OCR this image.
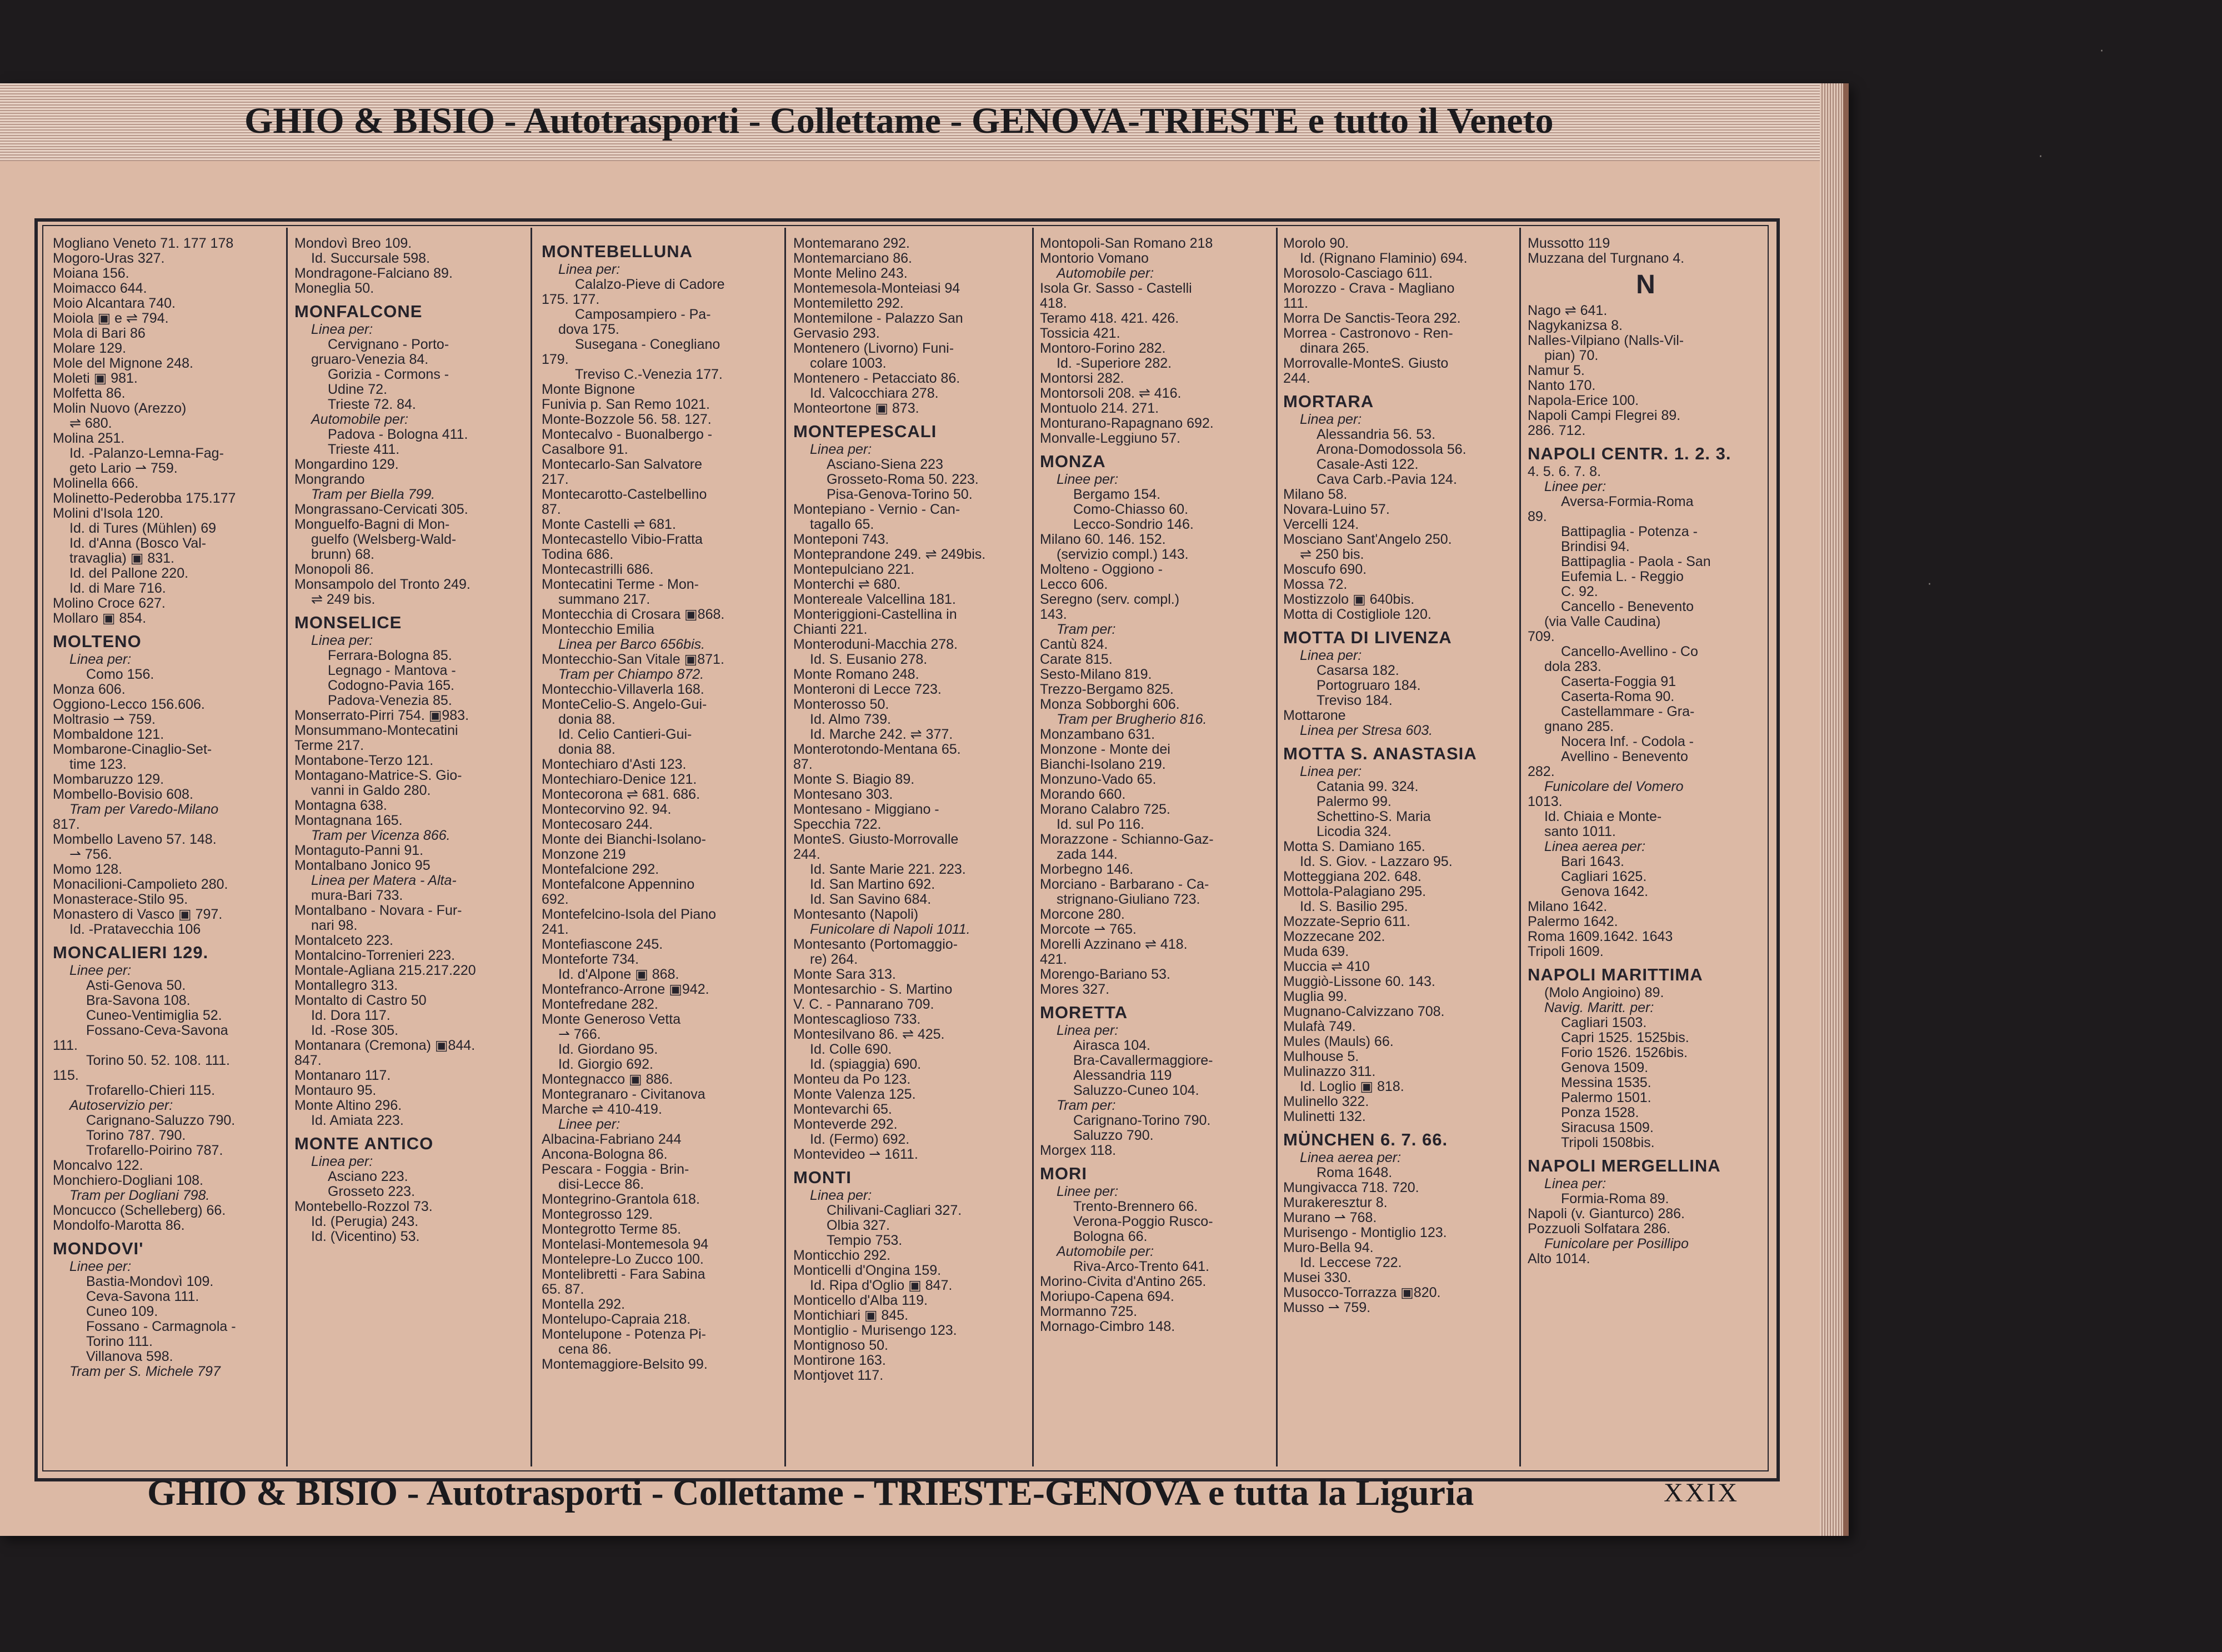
·
·
·
GHIO & BISIO - Autotrasporti - Collettame - GENOVA-TRIESTE e tutto il Veneto
Mogliano Veneto 71. 177 178
Mogoro-Uras 327.
Moiana 156.
Moimacco 644.
Moio Alcantara 740.
Moiola ▣ e ⇌ 794.
Mola di Bari 86
Molare 129.
Mole del Mignone 248.
Moleti ▣ 981.
Molfetta 86.
Molin Nuovo (Arezzo)
⇌ 680.
Molina 251.
Id. -Palanzo-Lemna-Fag-
geto Lario ⇀ 759.
Molinella 666.
Molinetto-Pederobba 175.177
Molini d'Isola 120.
Id. di Tures (Mühlen) 69
Id. d'Anna (Bosco Val-
travaglia) ▣ 831.
Id. del Pallone 220.
Id. di Mare 716.
Molino Croce 627.
Mollaro ▣ 854.
MOLTENO
Linea per:
Como 156.
Monza 606.
Oggiono-Lecco 156.606.
Moltrasio ⇀ 759.
Mombaldone 121.
Mombarone-Cinaglio-Set-
time 123.
Mombaruzzo 129.
Mombello-Bovisio 608.
Tram per Varedo-Milano
817.
Mombello Laveno 57. 148.
⇀ 756.
Momo 128.
Monacilioni-Campolieto 280.
Monasterace-Stilo 95.
Monastero di Vasco ▣ 797.
Id. -Pratavecchia 106
MONCALIERI 129.
Linee per:
Asti-Genova 50.
Bra-Savona 108.
Cuneo-Ventimiglia 52.
Fossano-Ceva-Savona
111.
Torino 50. 52. 108. 111.
115.
Trofarello-Chieri 115.
Autoservizio per:
Carignano-Saluzzo 790.
Torino 787. 790.
Trofarello-Poirino 787.
Moncalvo 122.
Monchiero-Dogliani 108.
Tram per Dogliani 798.
Moncucco (Schelleberg) 66.
Mondolfo-Marotta 86.
MONDOVI'
Linee per:
Bastia-Mondovì 109.
Ceva-Savona 111.
Cuneo 109.
Fossano - Carmagnola -
Torino 111.
Villanova 598.
Tram per S. Michele 797
Mondovì Breo 109.
Id. Succursale 598.
Mondragone-Falciano 89.
Moneglia 50.
MONFALCONE
Linea per:
Cervignano - Porto-
gruaro-Venezia 84.
Gorizia - Cormons -
Udine 72.
Trieste 72. 84.
Automobile per:
Padova - Bologna 411.
Trieste 411.
Mongardino 129.
Mongrando
Tram per Biella 799.
Mongrassano-Cervicati 305.
Monguelfo-Bagni di Mon-
guelfo (Welsberg-Wald-
brunn) 68.
Monopoli 86.
Monsampolo del Tronto 249.
⇌ 249 bis.
MONSELICE
Linea per:
Ferrara-Bologna 85.
Legnago - Mantova -
Codogno-Pavia 165.
Padova-Venezia 85.
Monserrato-Pirri 754. ▣983.
Monsummano-Montecatini
Terme 217.
Montabone-Terzo 121.
Montagano-Matrice-S. Gio-
vanni in Galdo 280.
Montagna 638.
Montagnana 165.
Tram per Vicenza 866.
Montaguto-Panni 91.
Montalbano Jonico 95
Linea per Matera - Alta-
mura-Bari 733.
Montalbano - Novara - Fur-
nari 98.
Montalceto 223.
Montalcino-Torrenieri 223.
Montale-Agliana 215.217.220
Montallegro 313.
Montalto di Castro 50
Id. Dora 117.
Id. -Rose 305.
Montanara (Cremona) ▣844.
847.
Montanaro 117.
Montauro 95.
Monte Altino 296.
Id. Amiata 223.
MONTE ANTICO
Linea per:
Asciano 223.
Grosseto 223.
Montebello-Rozzol 73.
Id. (Perugia) 243.
Id. (Vicentino) 53.
MONTEBELLUNA
Linea per:
Calalzo-Pieve di Cadore
175. 177.
Camposampiero - Pa-
dova 175.
Susegana - Conegliano
179.
Treviso C.-Venezia 177.
Monte Bignone
Funivia p. San Remo 1021.
Monte-Bozzole 56. 58. 127.
Montecalvo - Buonalbergo -
Casalbore 91.
Montecarlo-San Salvatore
217.
Montecarotto-Castelbellino
87.
Monte Castelli ⇌ 681.
Montecastello Vibio-Fratta
Todina 686.
Montecastrilli 686.
Montecatini Terme - Mon-
summano 217.
Montecchia di Crosara ▣868.
Montecchio Emilia
Linea per Barco 656bis.
Montecchio-San Vitale ▣871.
Tram per Chiampo 872.
Montecchio-Villaverla 168.
MonteCelio-S. Angelo-Gui-
donia 88.
Id. Celio Cantieri-Gui-
donia 88.
Montechiaro d'Asti 123.
Montechiaro-Denice 121.
Montecorona ⇌ 681. 686.
Montecorvino 92. 94.
Montecosaro 244.
Monte dei Bianchi-Isolano-
Monzone 219
Montefalcione 292.
Montefalcone Appennino
692.
Montefelcino-Isola del Piano
241.
Montefiascone 245.
Monteforte 734.
Id. d'Alpone ▣ 868.
Montefranco-Arrone ▣942.
Montefredane 282.
Monte Generoso Vetta
⇀ 766.
Id. Giordano 95.
Id. Giorgio 692.
Montegnacco ▣ 886.
Montegranaro - Civitanova
Marche ⇌ 410-419.
Linee per:
Albacina-Fabriano 244
Ancona-Bologna 86.
Pescara - Foggia - Brin-
disi-Lecce 86.
Montegrino-Grantola 618.
Montegrosso 129.
Montegrotto Terme 85.
Montelasi-Montemesola 94
Montelepre-Lo Zucco 100.
Montelibretti - Fara Sabina
65. 87.
Montella 292.
Montelupo-Capraia 218.
Montelupone - Potenza Pi-
cena 86.
Montemaggiore-Belsito 99.
Montemarano 292.
Montemarciano 86.
Monte Melino 243.
Montemesola-Monteiasi 94
Montemiletto 292.
Montemilone - Palazzo San
Gervasio 293.
Montenero (Livorno) Funi-
colare 1003.
Montenero - Petacciato 86.
Id. Valcocchiara 278.
Monteortone ▣ 873.
MONTEPESCALI
Linea per:
Asciano-Siena 223
Grosseto-Roma 50. 223.
Pisa-Genova-Torino 50.
Montepiano - Vernio - Can-
tagallo 65.
Monteponi 743.
Monteprandone 249. ⇌ 249bis.
Montepulciano 221.
Monterchi ⇌ 680.
Montereale Valcellina 181.
Monteriggioni-Castellina in
Chianti 221.
Monteroduni-Macchia 278.
Id. S. Eusanio 278.
Monte Romano 248.
Monteroni di Lecce 723.
Monterosso 50.
Id. Almo 739.
Id. Marche 242. ⇌ 377.
Monterotondo-Mentana 65.
87.
Monte S. Biagio 89.
Montesano 303.
Montesano - Miggiano -
Specchia 722.
MonteS. Giusto-Morrovalle
244.
Id. Sante Marie 221. 223.
Id. San Martino 692.
Id. San Savino 684.
Montesanto (Napoli)
Funicolare di Napoli 1011.
Montesanto (Portomaggio-
re) 264.
Monte Sara 313.
Montesarchio - S. Martino
V. C. - Pannarano 709.
Montescaglioso 733.
Montesilvano 86. ⇌ 425.
Id. Colle 690.
Id. (spiaggia) 690.
Monteu da Po 123.
Monte Valenza 125.
Montevarchi 65.
Monteverde 292.
Id. (Fermo) 692.
Montevideo ⇀ 1611.
MONTI
Linea per:
Chilivani-Cagliari 327.
Olbia 327.
Tempio 753.
Monticchio 292.
Monticelli d'Ongina 159.
Id. Ripa d'Oglio ▣ 847.
Monticello d'Alba 119.
Montichiari ▣ 845.
Montiglio - Murisengo 123.
Montignoso 50.
Montirone 163.
Montjovet 117.
Montopoli-San Romano 218
Montorio Vomano
Automobile per:
Isola Gr. Sasso - Castelli
418.
Teramo 418. 421. 426.
Tossicia 421.
Montoro-Forino 282.
Id. -Superiore 282.
Montorsi 282.
Montorsoli 208. ⇌ 416.
Montuolo 214. 271.
Monturano-Rapagnano 692.
Monvalle-Leggiuno 57.
MONZA
Linee per:
Bergamo 154.
Como-Chiasso 60.
Lecco-Sondrio 146.
Milano 60. 146. 152.
(servizio compl.) 143.
Molteno - Oggiono -
Lecco 606.
Seregno (serv. compl.)
143.
Tram per:
Cantù 824.
Carate 815.
Sesto-Milano 819.
Trezzo-Bergamo 825.
Monza Sobborghi 606.
Tram per Brugherio 816.
Monzambano 631.
Monzone - Monte dei
Bianchi-Isolano 219.
Monzuno-Vado 65.
Morando 660.
Morano Calabro 725.
Id. sul Po 116.
Morazzone - Schianno-Gaz-
zada 144.
Morbegno 146.
Morciano - Barbarano - Ca-
strignano-Giuliano 723.
Morcone 280.
Morcote ⇀ 765.
Morelli Azzinano ⇌ 418.
421.
Morengo-Bariano 53.
Mores 327.
MORETTA
Linea per:
Airasca 104.
Bra-Cavallermaggiore-
Alessandria 119
Saluzzo-Cuneo 104.
Tram per:
Carignano-Torino 790.
Saluzzo 790.
Morgex 118.
MORI
Linee per:
Trento-Brennero 66.
Verona-Poggio Rusco-
Bologna 66.
Automobile per:
Riva-Arco-Trento 641.
Morino-Civita d'Antino 265.
Moriupo-Capena 694.
Mormanno 725.
Mornago-Cimbro 148.
Morolo 90.
Id. (Rignano Flaminio) 694.
Morosolo-Casciago 611.
Morozzo - Crava - Magliano
111.
Morra De Sanctis-Teora 292.
Morrea - Castronovo - Ren-
dinara 265.
Morrovalle-MonteS. Giusto
244.
MORTARA
Linea per:
Alessandria 56. 53.
Arona-Domodossola 56.
Casale-Asti 122.
Cava Carb.-Pavia 124.
Milano 58.
Novara-Luino 57.
Vercelli 124.
Mosciano Sant'Angelo 250.
⇌ 250 bis.
Moscufo 690.
Mossa 72.
Mostizzolo ▣ 640bis.
Motta di Costigliole 120.
MOTTA DI LIVENZA
Linea per:
Casarsa 182.
Portogruaro 184.
Treviso 184.
Mottarone
Linea per Stresa 603.
MOTTA S. ANASTASIA
Linea per:
Catania 99. 324.
Palermo 99.
Schettino-S. Maria
Licodia 324.
Motta S. Damiano 165.
Id. S. Giov. - Lazzaro 95.
Motteggiana 202. 648.
Mottola-Palagiano 295.
Id. S. Basilio 295.
Mozzate-Seprio 611.
Mozzecane 202.
Muda 639.
Muccia ⇌ 410
Muggiò-Lissone 60. 143.
Muglia 99.
Mugnano-Calvizzano 708.
Mulafà 749.
Mules (Mauls) 66.
Mulhouse 5.
Mulinazzo 311.
Id. Loglio ▣ 818.
Mulinello 322.
Mulinetti 132.
MÜNCHEN 6. 7. 66.
Linea aerea per:
Roma 1648.
Mungivacca 718. 720.
Murakeresztur 8.
Murano ⇀ 768.
Murisengo - Montiglio 123.
Muro-Bella 94.
Id. Leccese 722.
Musei 330.
Musocco-Torrazza ▣820.
Musso ⇀ 759.
Mussotto 119
Muzzana del Turgnano 4.
N
Nago ⇌ 641.
Nagykanizsa 8.
Nalles-Vilpiano (Nalls-Vil-
pian) 70.
Namur 5.
Nanto 170.
Napola-Erice 100.
Napoli Campi Flegrei 89.
286. 712.
NAPOLI CENTR. 1. 2. 3.
4. 5. 6. 7. 8.
Linee per:
Aversa-Formia-Roma
89.
Battipaglia - Potenza -
Brindisi 94.
Battipaglia - Paola - San
Eufemia L. - Reggio
C. 92.
Cancello - Benevento
(via Valle Caudina)
709.
Cancello-Avellino - Co
dola 283.
Caserta-Foggia 91
Caserta-Roma 90.
Castellammare - Gra-
gnano 285.
Nocera Inf. - Codola -
Avellino - Benevento
282.
Funicolare del Vomero
1013.
Id. Chiaia e Monte-
santo 1011.
Linea aerea per:
Bari 1643.
Cagliari 1625.
Genova 1642.
Milano 1642.
Palermo 1642.
Roma 1609.1642. 1643
Tripoli 1609.
NAPOLI MARITTIMA
(Molo Angioino) 89.
Navig. Maritt. per:
Cagliari 1503.
Capri 1525. 1525bis.
Forio 1526. 1526bis.
Genova 1509.
Messina 1535.
Palermo 1501.
Ponza 1528.
Siracusa 1509.
Tripoli 1508bis.
NAPOLI MERGELLINA
Linea per:
Formia-Roma 89.
Napoli (v. Gianturco) 286.
Pozzuoli Solfatara 286.
Funicolare per Posillipo
Alto 1014.
GHIO & BISIO - Autotrasporti - Collettame - TRIESTE-GENOVA e tutta la Liguria	XXIX
